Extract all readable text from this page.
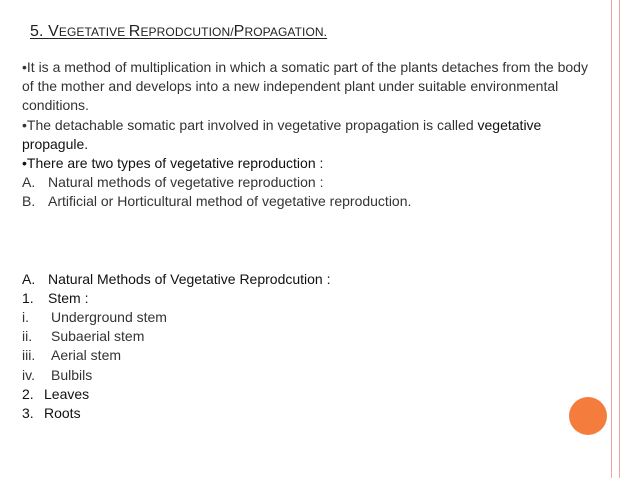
5. VEGETATIVE REPRODCUTION/PROPAGATION.

•It is a method of multiplication in which a somatic part of the plants detaches from the body of the mother and develops into a new independent plant under suitable environmental conditions.

•The detachable somatic part involved in vegetative propagation is called vegetative propagule.

•There are two types of vegetative reproduction :

A. Natural methods of vegetative reproduction :
B. Artificial or Horticultural method of vegetative reproduction.
A. Natural Methods of Vegetative Reprodcution :
1.	Stem :
i.	Underground stem
ii.	Subaerial stem
iii.	Aerial stem
iv.	Bulbils
2. Leaves
3. Roots
